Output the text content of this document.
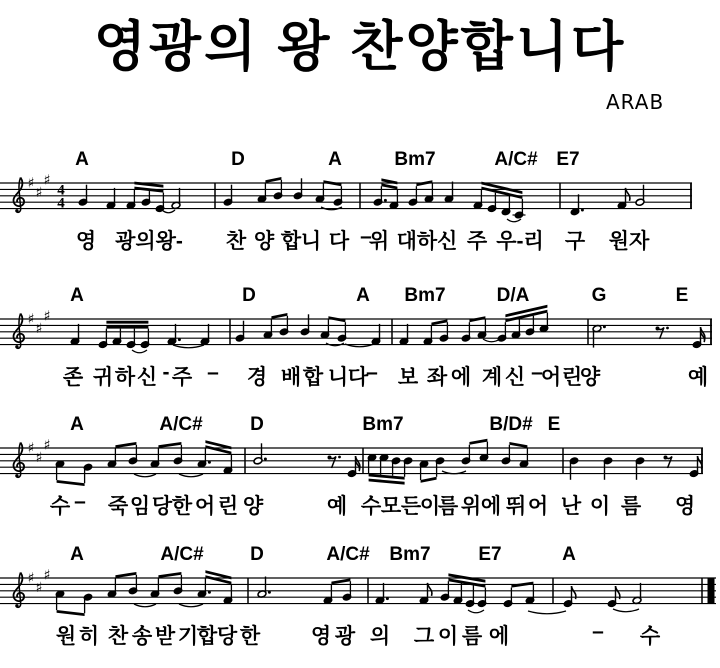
영광의 왕 찬양합니다
ARAB
♯
♯
♯
4
4
♯
♯
♯
♯
♯
♯
♯
♯
♯
A	D	A	Bm7	A/C# E7
영 광의왕- 찬 양 합 니 다 –
위 대하신 주 우-리 구 원자
A	D	A Bm7	D/A	G	E
존 귀 하 신 - 주 – 경 배 합 니 다
– 보 좌 에 계 신 –
어 린
양	예
A	A/C# D	Bm7	B/D# E
수 – 죽 임 당 한 어 린 양	예 수 모 든
이
름 위 에 뛰 어 난 이 름 영
A	A/C# D	A/C# Bm7	E7	A
원 히 찬 송 받 기
합 당 한 영 광 의 그 이 름 에	– 수
